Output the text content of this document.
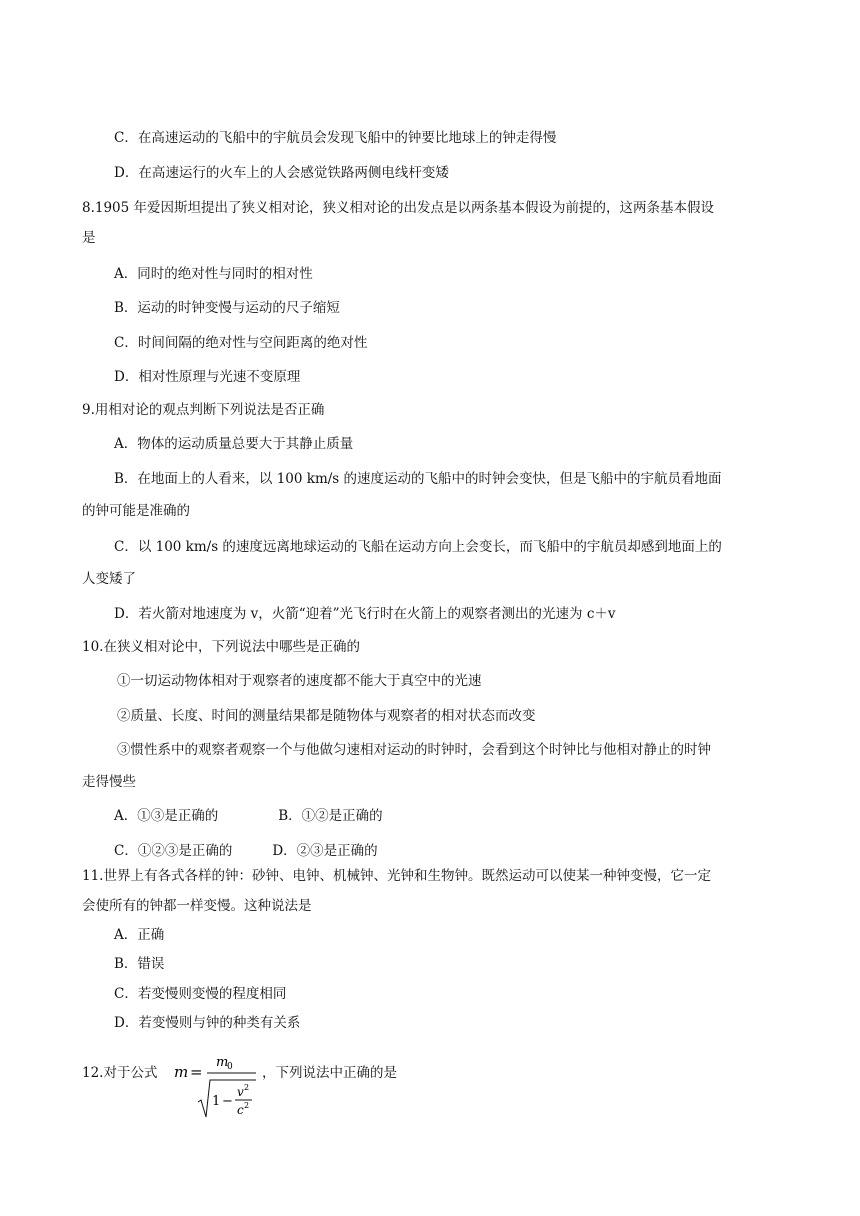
C．在高速运动的飞船中的宇航员会发现飞船中的钟要比地球上的钟走得慢
D．在高速运行的火车上的人会感觉铁路两侧电线杆变矮
8.1905 年爱因斯坦提出了狭义相对论，狭义相对论的出发点是以两条基本假设为前提的，这两条基本假设
是
A．同时的绝对性与同时的相对性
B．运动的时钟变慢与运动的尺子缩短
C．时间间隔的绝对性与空间距离的绝对性
D．相对性原理与光速不变原理
9.用相对论的观点判断下列说法是否正确
A．物体的运动质量总要大于其静止质量
B．在地面上的人看来，以 100 km/s 的速度运动的飞船中的时钟会变快，但是飞船中的宇航员看地面
的钟可能是准确的
C．以 100 km/s 的速度远离地球运动的飞船在运动方向上会变长，而飞船中的宇航员却感到地面上的
人变矮了
D．若火箭对地速度为 v，火箭“迎着”光飞行时在火箭上的观察者测出的光速为 c＋v
10.在狭义相对论中，下列说法中哪些是正确的
①一切运动物体相对于观察者的速度都不能大于真空中的光速
②质量、长度、时间的测量结果都是随物体与观察者的相对状态而改变
③惯性系中的观察者观察一个与他做匀速相对运动的时钟时，会看到这个时钟比与他相对静止的时钟
走得慢些
A．①③是正确的	B．①②是正确的
C．①②③是正确的	D．②③是正确的
11.世界上有各式各样的钟：砂钟、电钟、机械钟、光钟和生物钟。既然运动可以使某一种钟变慢，它一定
会使所有的钟都一样变慢。这种说法是
A．正确
B．错误
C．若变慢则变慢的程度相同
D．若变慢则与钟的种类有关系
12.对于公式 m =
m
0
1 −
v 2
c 2
，下列说法中正确的是
